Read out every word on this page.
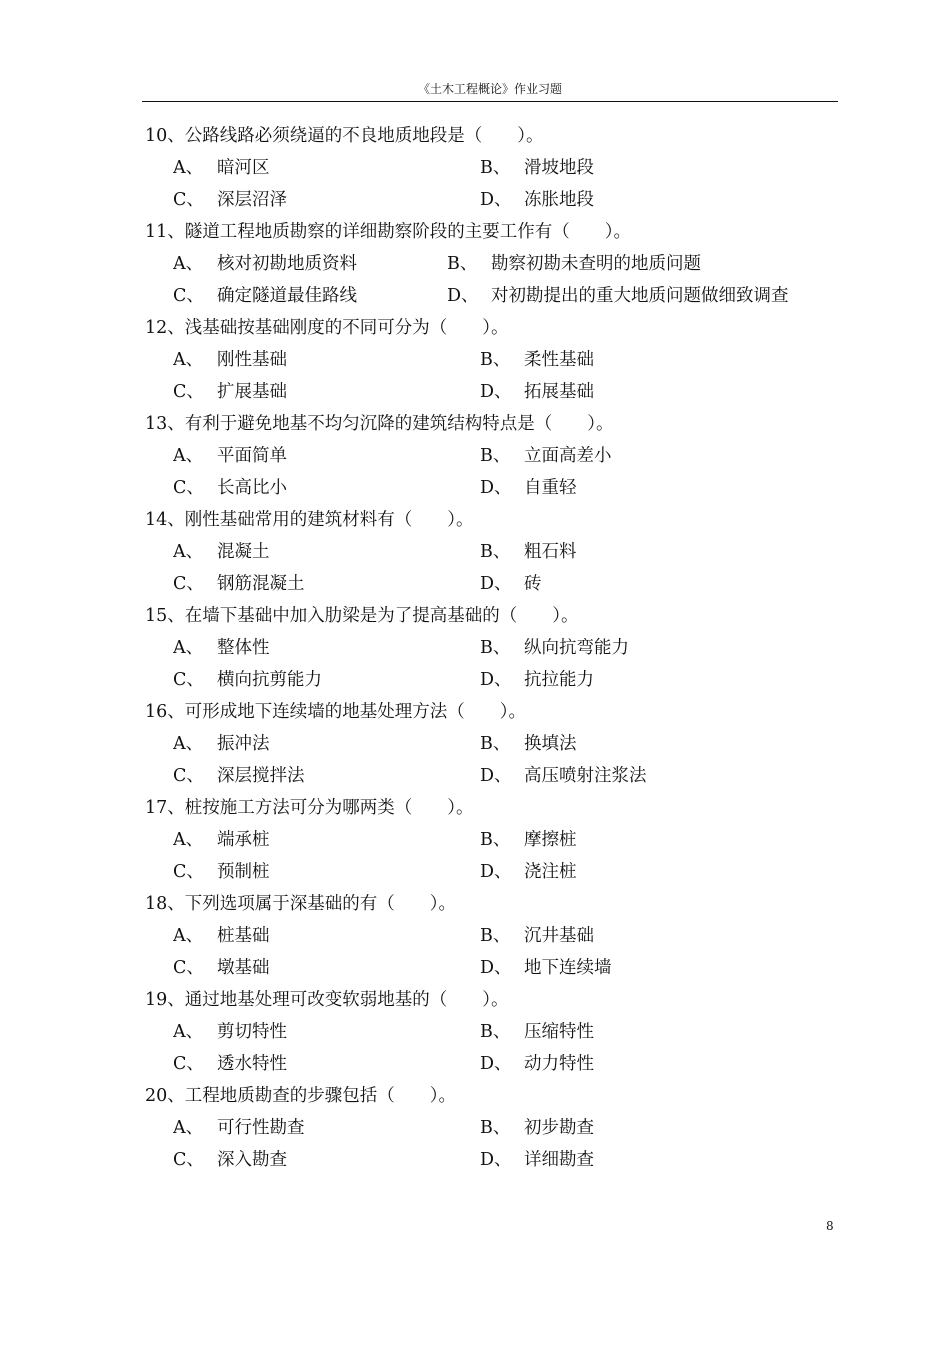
《土木工程概论》作业习题
10、公路线路必须绕逼的不良地质地段是（　　）。
A、 暗河区	B、 滑坡地段
C、 深层沼泽	D、 冻胀地段
11、隧道工程地质勘察的详细勘察阶段的主要工作有（　　）。
A、 核对初勘地质资料	B、 勘察初勘未查明的地质问题
C、 确定隧道最佳路线	D、 对初勘提出的重大地质问题做细致调查
12、浅基础按基础刚度的不同可分为（　　）。
A、 刚性基础	B、 柔性基础
C、 扩展基础	D、 拓展基础
13、有利于避免地基不均匀沉降的建筑结构特点是（　　）。
A、 平面简单	B、 立面高差小
C、 长高比小	D、 自重轻
14、刚性基础常用的建筑材料有（　　）。
A、 混凝土	B、 粗石料
C、 钢筋混凝土	D、 砖
15、在墙下基础中加入肋梁是为了提高基础的（　　）。
A、 整体性	B、 纵向抗弯能力
C、 横向抗剪能力	D、 抗拉能力
16、可形成地下连续墙的地基处理方法（　　）。
A、 振冲法	B、 换填法
C、 深层搅拌法	D、 高压喷射注浆法
17、桩按施工方法可分为哪两类（　　）。
A、 端承桩	B、 摩擦桩
C、 预制桩	D、 浇注桩
18、下列选项属于深基础的有（　　）。
A、 桩基础	B、 沉井基础
C、 墩基础	D、 地下连续墙
19、通过地基处理可改变软弱地基的（　　）。
A、 剪切特性	B、 压缩特性
C、 透水特性	D、 动力特性
20、工程地质勘查的步骤包括（　　）。
A、 可行性勘查	B、 初步勘查
C、 深入勘查	D、 详细勘查
8
